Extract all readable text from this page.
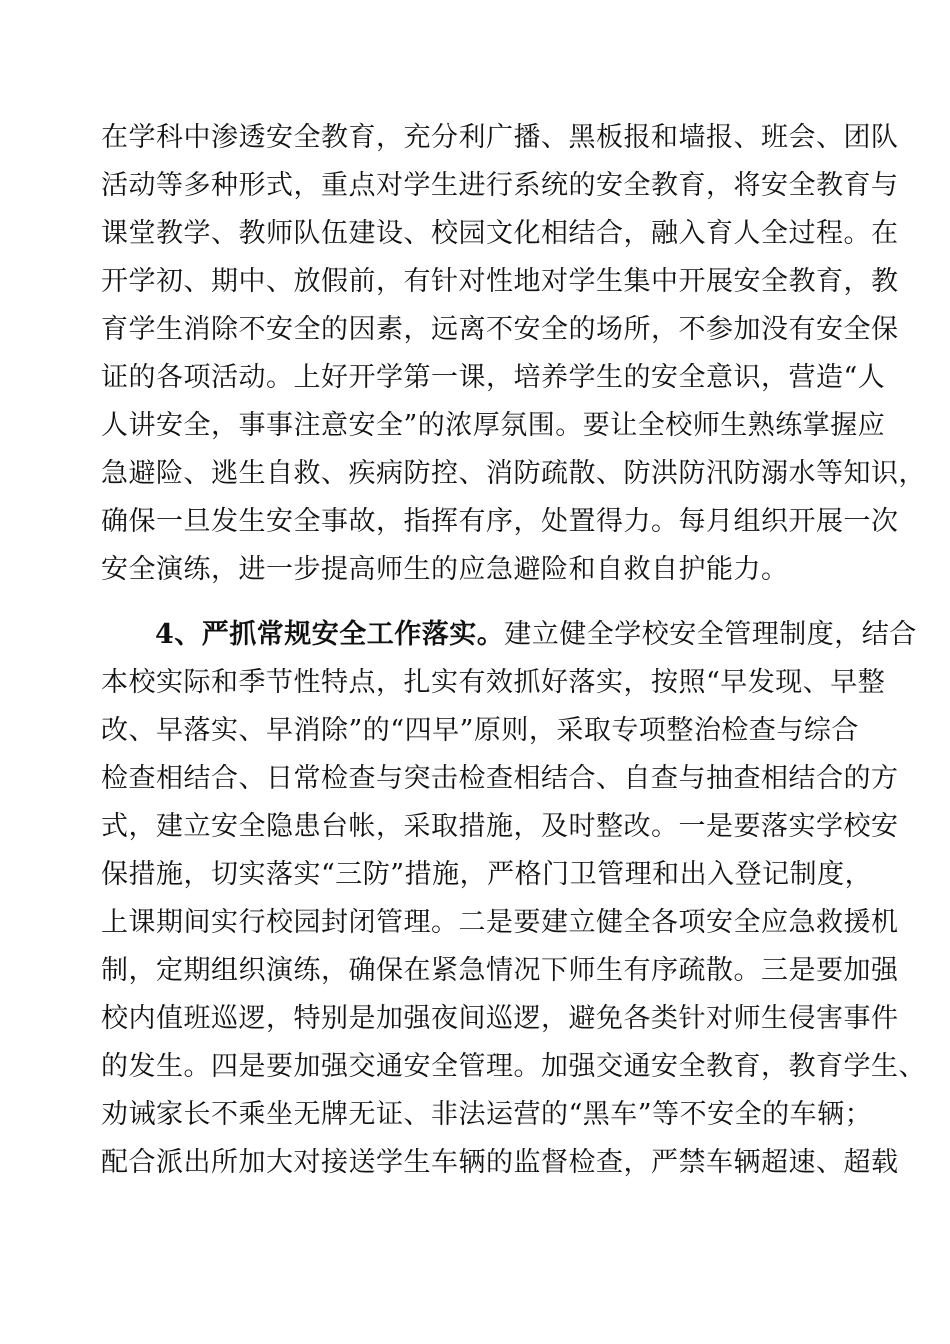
在学科中渗透安全教育，充分利广播、黑板报和墙报、班会、团队
活动等多种形式，重点对学生进行系统的安全教育，将安全教育与
课堂教学、教师队伍建设、校园文化相结合，融入育人全过程。在
开学初、期中、放假前，有针对性地对学生集中开展安全教育，教
育学生消除不安全的因素，远离不安全的场所，不参加没有安全保
证的各项活动。上好开学第一课，培养学生的安全意识，营造“人
人讲安全，事事注意安全”的浓厚氛围。要让全校师生熟练掌握应
急避险、逃生自救、疾病防控、消防疏散、防洪防汛防溺水等知识，
确保一旦发生安全事故，指挥有序，处置得力。每月组织开展一次
安全演练，进一步提高师生的应急避险和自救自护能力。
4、严抓常规安全工作落实。建立健全学校安全管理制度，结合
本校实际和季节性特点，扎实有效抓好落实，按照“早发现、早整
改、早落实、早消除”的“四早”原则，采取专项整治检查与综合
检查相结合、日常检查与突击检查相结合、自查与抽查相结合的方
式，建立安全隐患台帐，采取措施，及时整改。一是要落实学校安
保措施，切实落实“三防”措施，严格门卫管理和出入登记制度，
上课期间实行校园封闭管理。二是要建立健全各项安全应急救援机
制，定期组织演练，确保在紧急情况下师生有序疏散。三是要加强
校内值班巡逻，特别是加强夜间巡逻，避免各类针对师生侵害事件
的发生。四是要加强交通安全管理。加强交通安全教育，教育学生、
劝诫家长不乘坐无牌无证、非法运营的“黑车”等不安全的车辆；
配合派出所加大对接送学生车辆的监督检查，严禁车辆超速、超载
